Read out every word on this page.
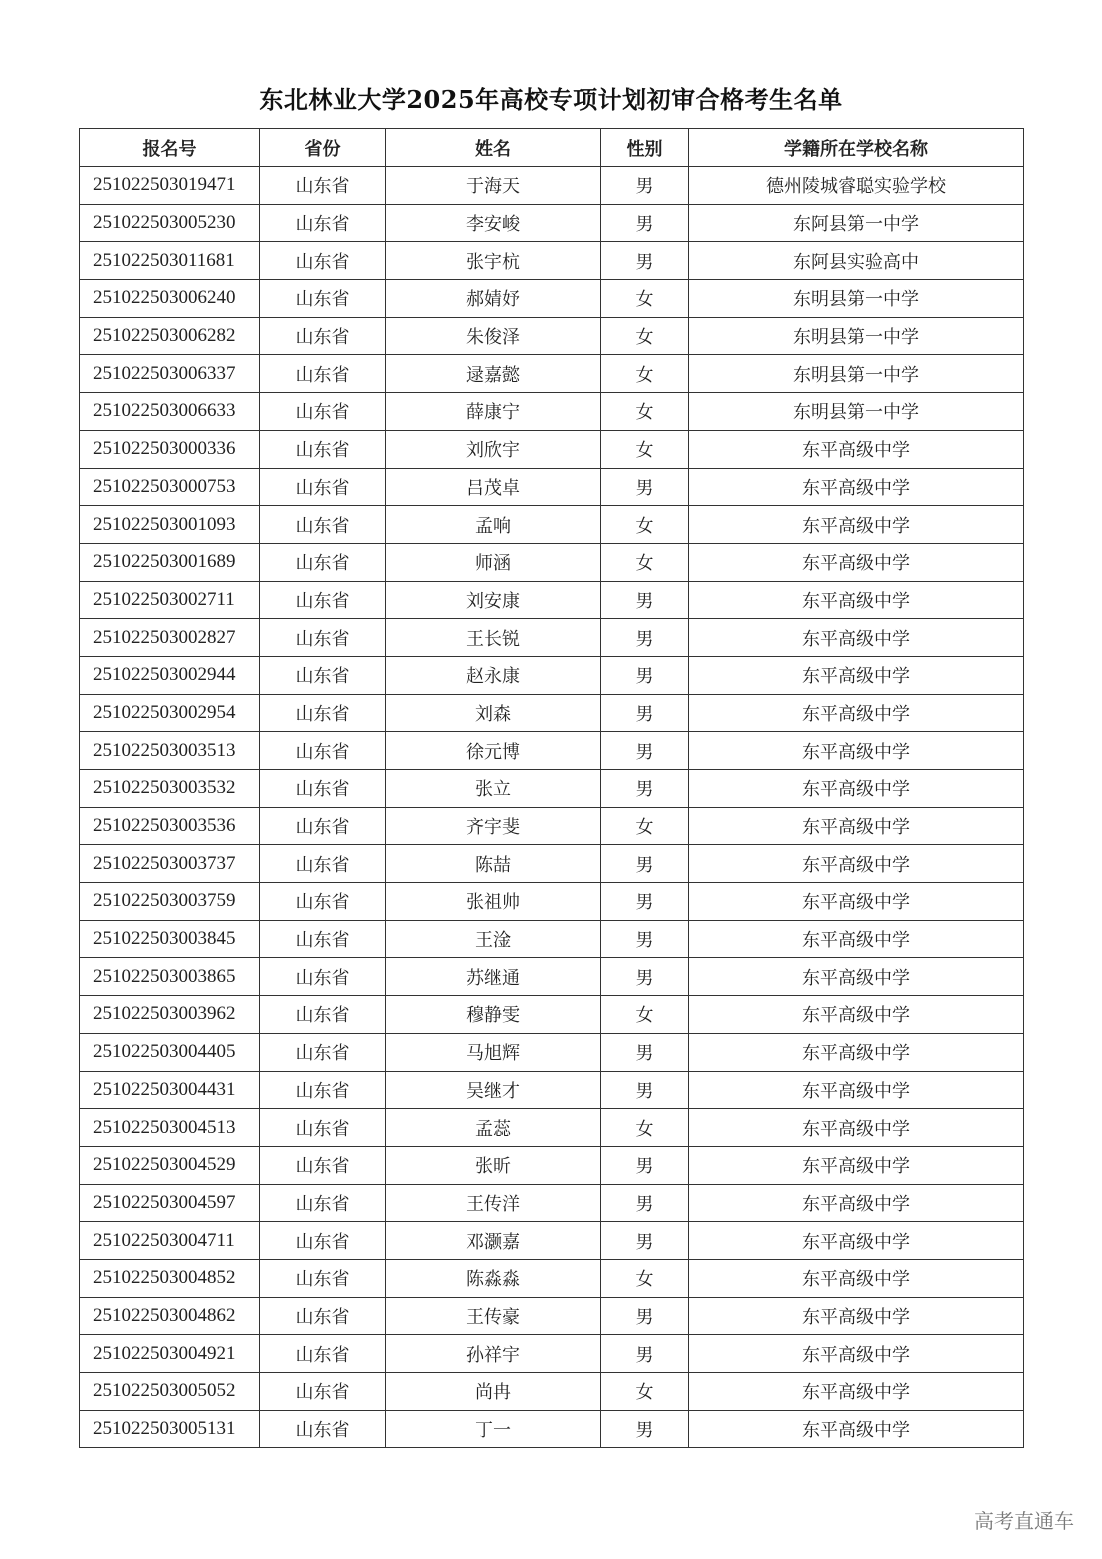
东北林业大学2025年高校专项计划初审合格考生名单
报名号	省份	姓名	性别	学籍所在学校名称
251022503019471	山东省	于海天	男	德州陵城睿聪实验学校
251022503005230	山东省	李安峻	男	东阿县第一中学
251022503011681	山东省	张宇杭	男	东阿县实验高中
251022503006240	山东省	郝婧妤	女	东明县第一中学
251022503006282	山东省	朱俊泽	女	东明县第一中学
251022503006337	山东省	逯嘉懿	女	东明县第一中学
251022503006633	山东省	薛康宁	女	东明县第一中学
251022503000336	山东省	刘欣宇	女	东平高级中学
251022503000753	山东省	吕茂卓	男	东平高级中学
251022503001093	山东省	孟响	女	东平高级中学
251022503001689	山东省	师涵	女	东平高级中学
251022503002711	山东省	刘安康	男	东平高级中学
251022503002827	山东省	王长锐	男	东平高级中学
251022503002944	山东省	赵永康	男	东平高级中学
251022503002954	山东省	刘森	男	东平高级中学
251022503003513	山东省	徐元博	男	东平高级中学
251022503003532	山东省	张立	男	东平高级中学
251022503003536	山东省	齐宇斐	女	东平高级中学
251022503003737	山东省	陈喆	男	东平高级中学
251022503003759	山东省	张祖帅	男	东平高级中学
251022503003845	山东省	王淦	男	东平高级中学
251022503003865	山东省	苏继通	男	东平高级中学
251022503003962	山东省	穆静雯	女	东平高级中学
251022503004405	山东省	马旭辉	男	东平高级中学
251022503004431	山东省	吴继才	男	东平高级中学
251022503004513	山东省	孟蕊	女	东平高级中学
251022503004529	山东省	张昕	男	东平高级中学
251022503004597	山东省	王传洋	男	东平高级中学
251022503004711	山东省	邓灏嘉	男	东平高级中学
251022503004852	山东省	陈淼淼	女	东平高级中学
251022503004862	山东省	王传豪	男	东平高级中学
251022503004921	山东省	孙祥宇	男	东平高级中学
251022503005052	山东省	尚冉	女	东平高级中学
251022503005131	山东省	丁一	男	东平高级中学
高考直通车
